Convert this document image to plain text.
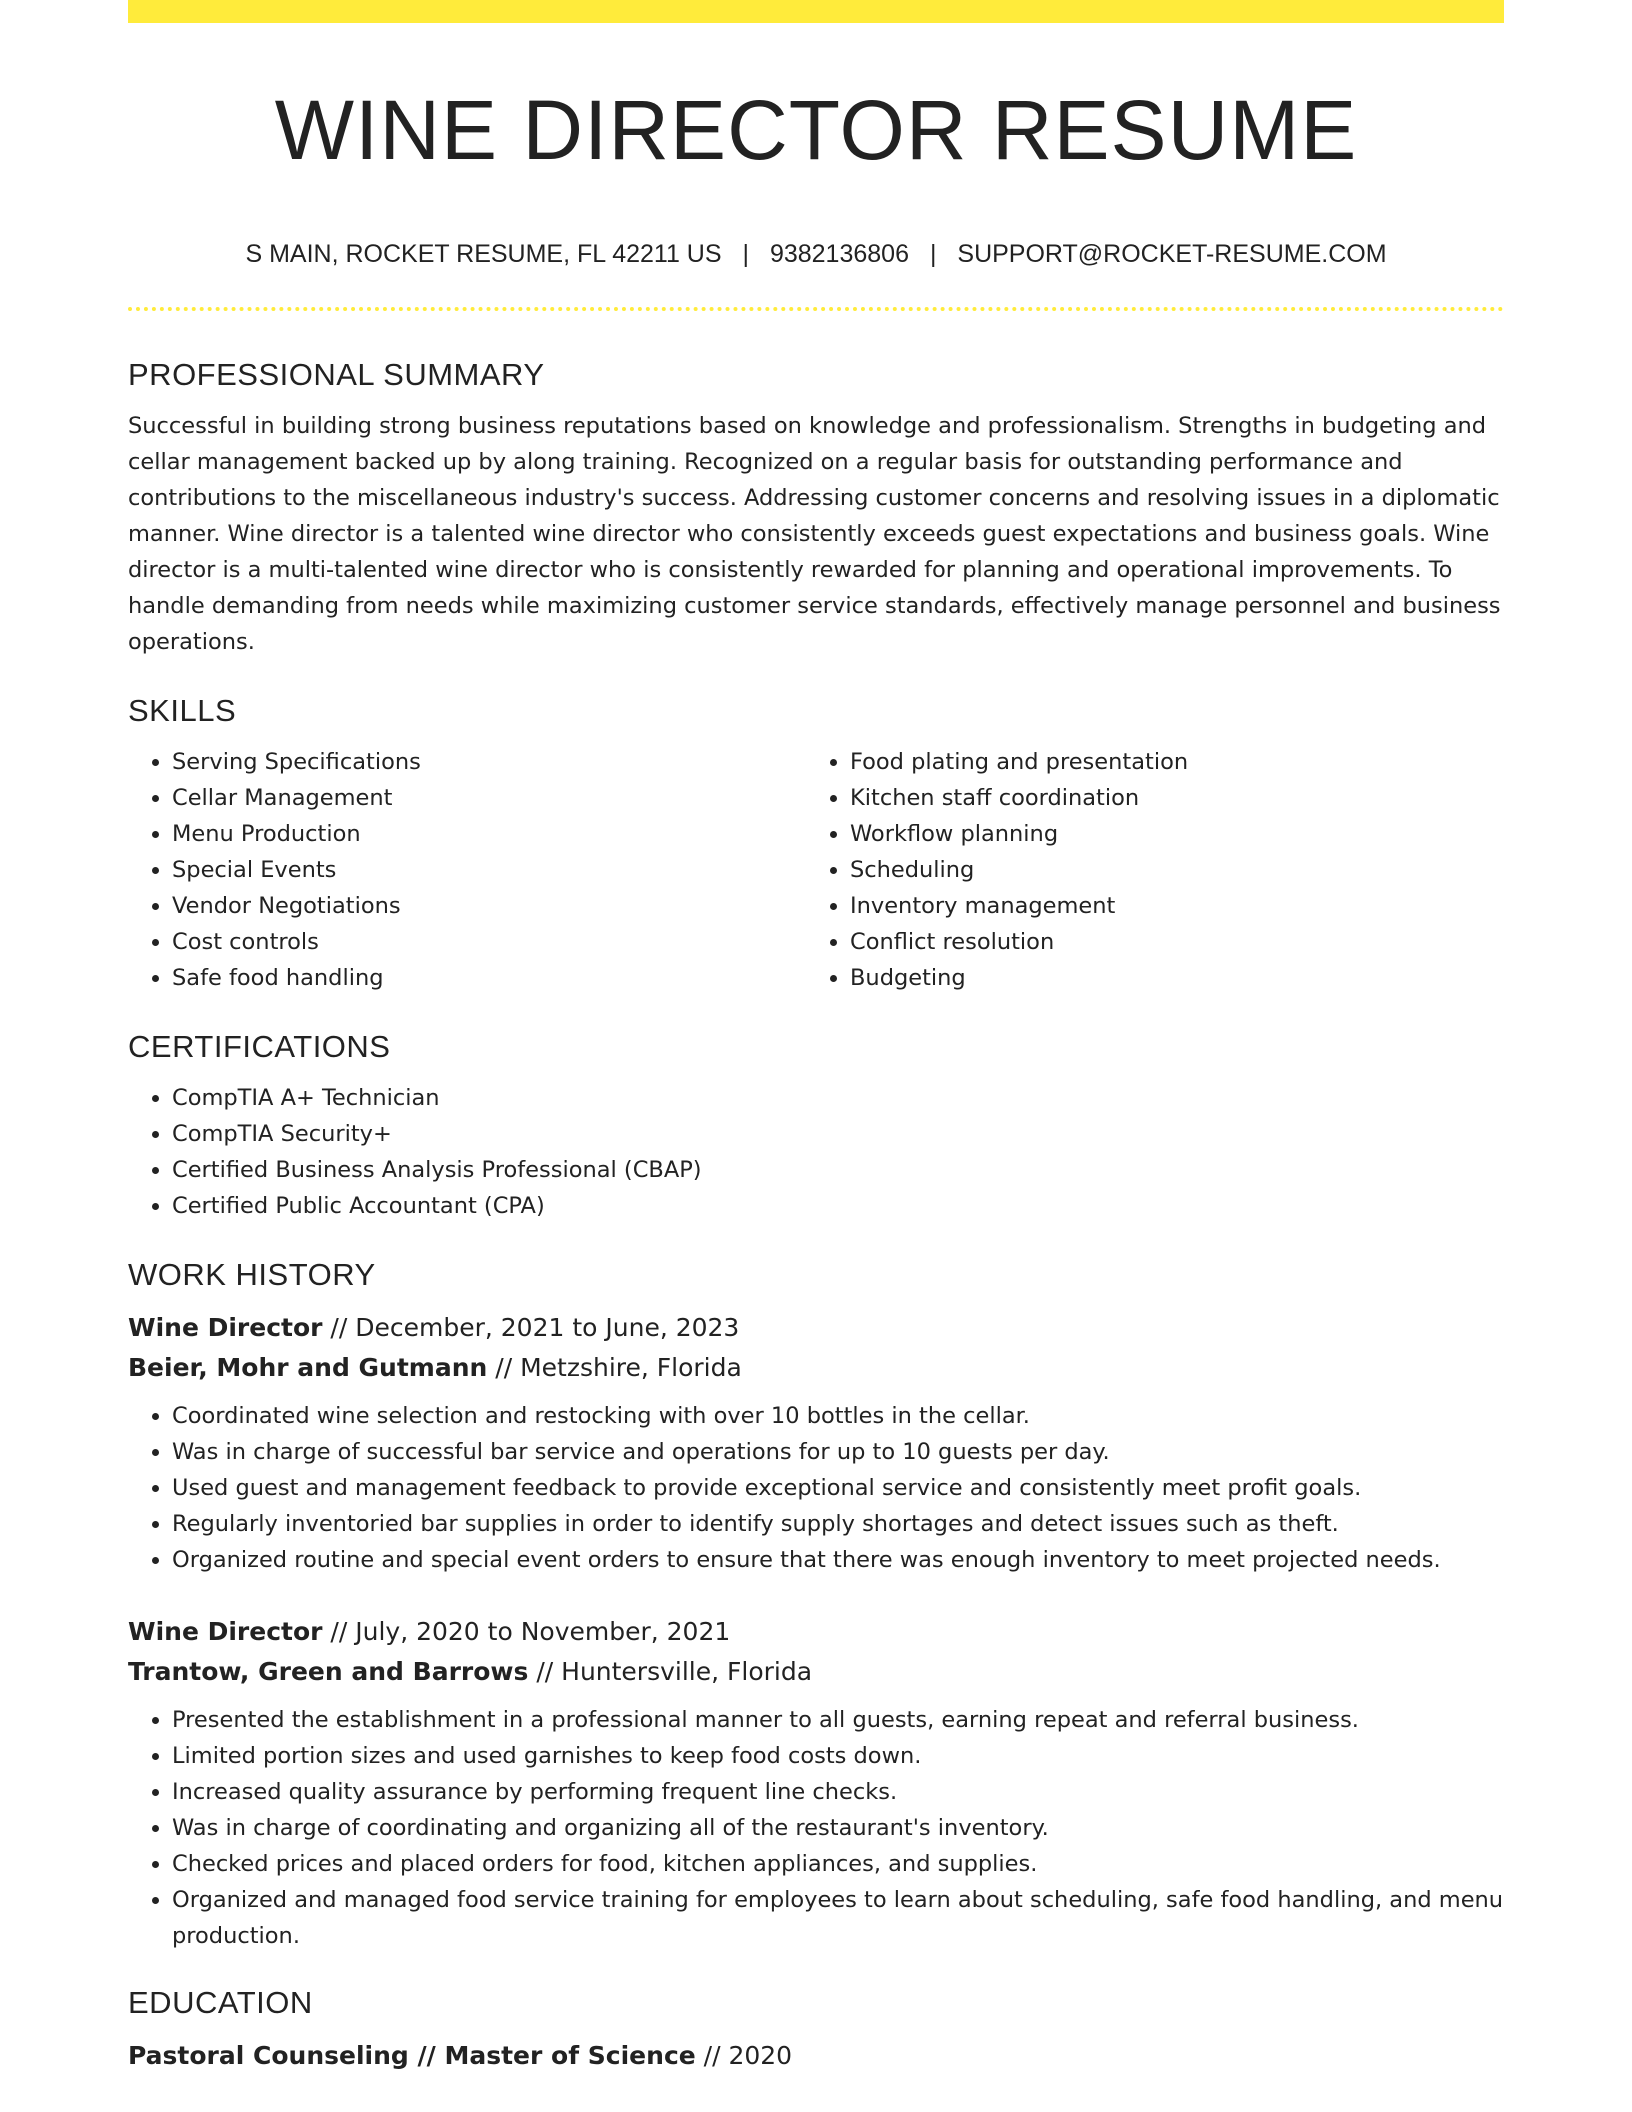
WINE DIRECTOR RESUME
S MAIN, ROCKET RESUME, FL 42211 US | 9382136806 | SUPPORT@ROCKET-RESUME.COM
PROFESSIONAL SUMMARY

Successful in building strong business reputations based on knowledge and professionalism. Strengths in budgeting and cellar management backed up by along training. Recognized on a regular basis for outstanding performance and contributions to the miscellaneous industry's success. Addressing customer concerns and resolving issues in a diplomatic manner. Wine director is a talented wine director who consistently exceeds guest expectations and business goals. Wine director is a multi-talented wine director who is consistently rewarded for planning and operational improvements. To handle demanding from needs while maximizing customer service standards, effectively manage personnel and business operations.

SKILLS
• Serving Specifications
• Cellar Management
• Menu Production
• Special Events
• Vendor Negotiations
• Cost controls
• Safe food handling
• Food plating and presentation
• Kitchen staff coordination
• Workflow planning
• Scheduling
• Inventory management
• Conflict resolution
• Budgeting
CERTIFICATIONS
• CompTIA A+ Technician
• CompTIA Security+
• Certified Business Analysis Professional (CBAP)
• Certified Public Accountant (CPA)
WORK HISTORY
Wine Director // December, 2021 to June, 2023
Beier, Mohr and Gutmann // Metzshire, Florida
• Coordinated wine selection and restocking with over 10 bottles in the cellar.
• Was in charge of successful bar service and operations for up to 10 guests per day.
• Used guest and management feedback to provide exceptional service and consistently meet profit goals.
• Regularly inventoried bar supplies in order to identify supply shortages and detect issues such as theft.
• Organized routine and special event orders to ensure that there was enough inventory to meet projected needs.
Wine Director // July, 2020 to November, 2021
Trantow, Green and Barrows // Huntersville, Florida
• Presented the establishment in a professional manner to all guests, earning repeat and referral business.
• Limited portion sizes and used garnishes to keep food costs down.
• Increased quality assurance by performing frequent line checks.
• Was in charge of coordinating and organizing all of the restaurant's inventory.
• Checked prices and placed orders for food, kitchen appliances, and supplies.
• Organized and managed food service training for employees to learn about scheduling, safe food handling, and menu production.
EDUCATION
Pastoral Counseling // Master of Science // 2020
